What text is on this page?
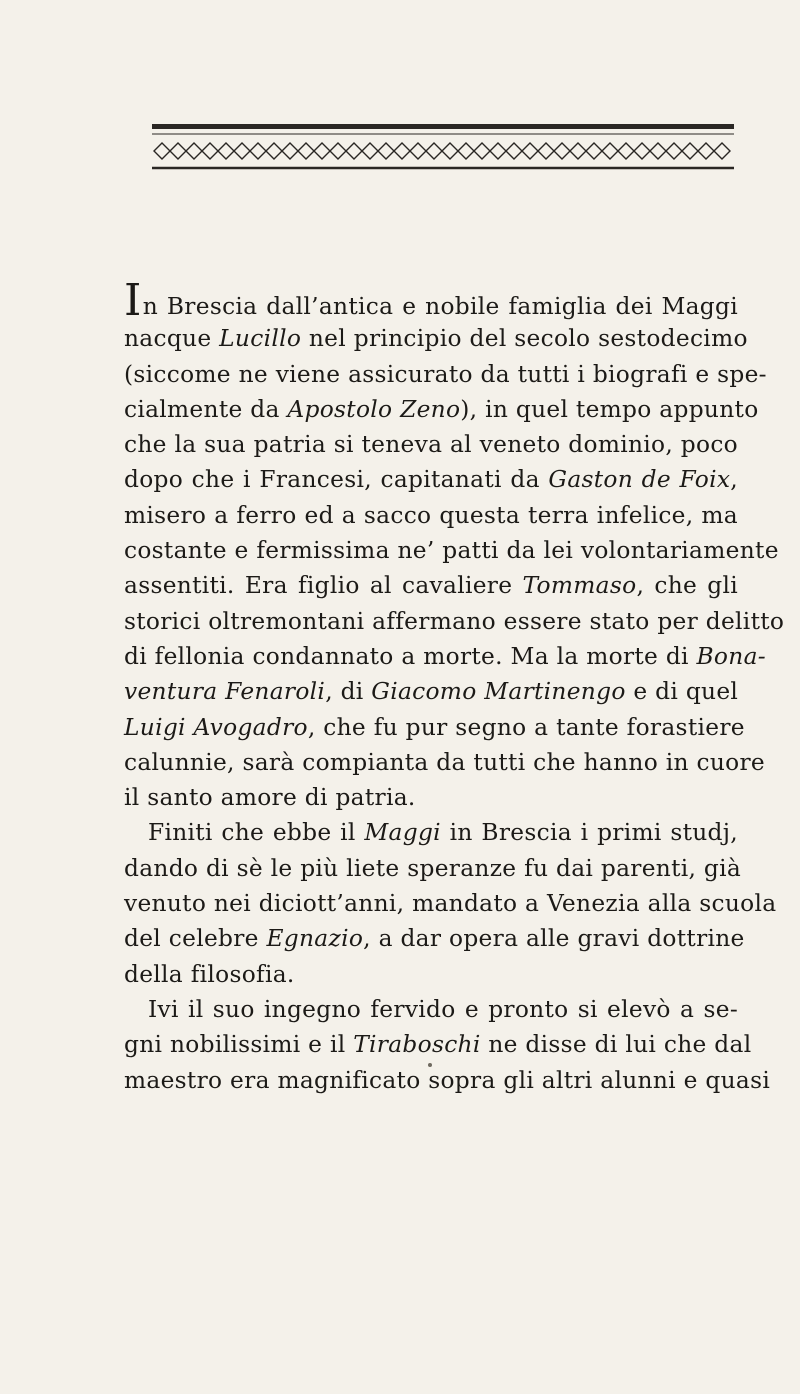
In Brescia dall’antica e nobile famiglia dei Maggi
nacque Lucillo nel principio del secolo sestodecimo
(siccome ne viene assicurato da tutti i biografi e spe-
cialmente da Apostolo Zeno), in quel tempo appunto
che la sua patria si teneva al veneto dominio, poco
dopo che i Francesi, capitanati da Gaston de Foix,
misero a ferro ed a sacco questa terra infelice, ma
costante e fermissima ne’ patti da lei volontariamente
assentiti. Era figlio al cavaliere Tommaso, che gli
storici oltremontani affermano essere stato per delitto
di fellonia condannato a morte. Ma la morte di Bona-
ventura Fenaroli, di Giacomo Martinengo e di quel
Luigi Avogadro, che fu pur segno a tante forastiere
calunnie, sarà compianta da tutti che hanno in cuore
il santo amore di patria.
Finiti che ebbe il Maggi in Brescia i primi studj,
dando di sè le più liete speranze fu dai parenti, già
venuto nei diciott’anni, mandato a Venezia alla scuola
del celebre Egnazio, a dar opera alle gravi dottrine
della filosofia.
Ivi il suo ingegno fervido e pronto si elevò a se-
gni nobilissimi e il Tiraboschi ne disse di lui che dal
maestro era magnificato sopra gli altri alunni e quasi
